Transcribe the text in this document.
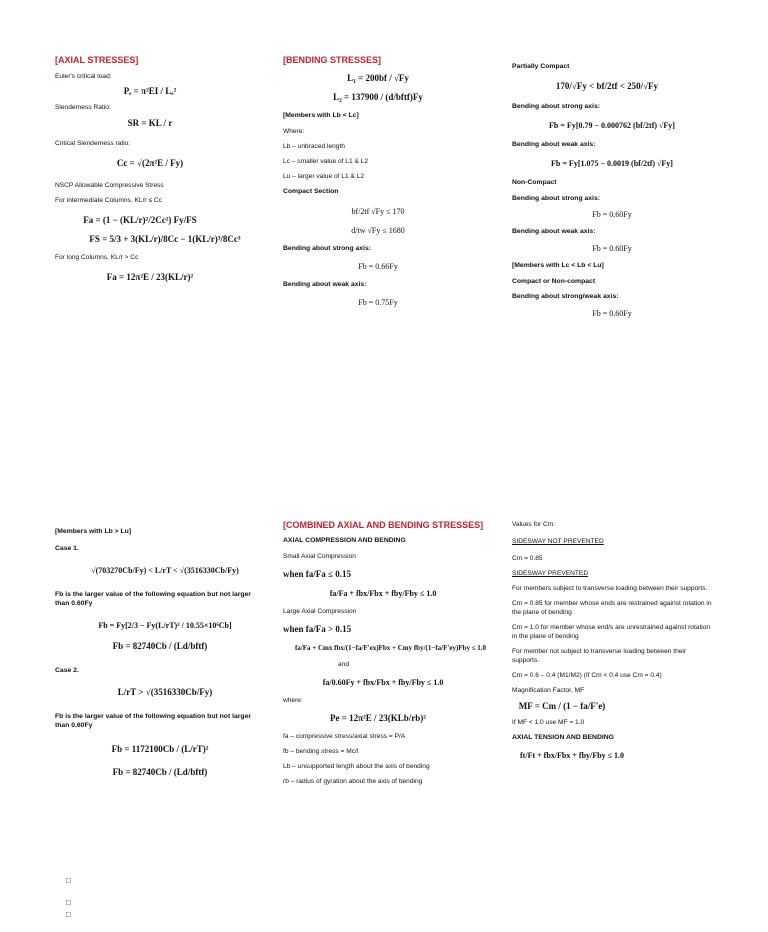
[AXIAL STRESSES]

Euler's critical load:

Pₑ = π²EI / Lₑ²

Slenderness Ratio:

SR = KL / r

Critical Slenderness ratio:

Cc = √(2π²E / Fy)

NSCP Allowable Compressive Stress

For intermediate Columns, KL/r ≤ Cc

Fa = (1 − (KL/r)²/2Cc²) Fy/FS
FS = 5/3 + 3(KL/r)/8Cc − 1(KL/r)³/8Cc³

For long Columns, KL/r > Cc

Fa = 12π²E / 23(KL/r)²
[BENDING STRESSES]
L₁ = 200bf / √Fy
L₂ = 137900 / (d/bftf)Fy

[Members with Lb < Lc]

Where:

Lb – unbraced length

Lc – smaller value of L1 & L2

Lu – larger value of L1 & L2

Compact Section

bf/2tf √Fy ≤ 170
d/tw √Fy ≤ 1680

Bending about strong axis:

Fb = 0.66Fy

Bending about weak axis:

Fb = 0.75Fy

Partially Compact

170/√Fy < bf/2tf < 250/√Fy

Bending about strong axis:

Fb = Fy[0.79 − 0.000762 (bf/2tf) √Fy]

Bending about weak axis:

Fb = Fy[1.075 − 0.0019 (bf/2tf) √Fy]

Non-Compact

Bending about strong axis:

Fb = 0.60Fy

Bending about weak axis:

Fb = 0.60Fy

[Members with Lc < Lb < Lu]

Compact or Non-compact

Bending about strong/weak axis:

Fb = 0.60Fy

[Members with Lb > Lu]

Case 1.

√(703270Cb/Fy) < L/rT < √(3516330Cb/Fy)

Fb is the larger value of the following equation but not larger than 0.60Fy

Fb = Fy[2/3 − Fy(L/rT)² / 10.55×10⁶Cb]
Fb = 82740Cb / (Ld/bftf)

Case 2.

L/rT > √(3516330Cb/Fy)

Fb is the larger value of the following equation but not larger than 0.60Fy

Fb = 1172100Cb / (L/rT)²
Fb = 82740Cb / (Ld/bftf)
□
□
□
[COMBINED AXIAL AND BENDING STRESSES]

AXIAL COMPRESSION AND BENDING

Small Axial Compression

when fa/Fa ≤ 0.15
fa/Fa + fbx/Fbx + fby/Fby ≤ 1.0

Large Axial Compression

when fa/Fa > 0.15
fa/Fa + Cmx fbx/(1−fa/F'ex)Fbx + Cmy fby/(1−fa/F'ey)Fby ≤ 1.0

and

fa/0.60Fy + fbx/Fbx + fby/Fby ≤ 1.0

where:

Pe = 12π²E / 23(KLb/rb)²

fa – compressive stress/axial stress = P/A

fb – bending stress = Mc/I

Lb – unsupported length about the axis of bending

rb – radius of gyration about the axis of bending

Values for Cm:

SIDESWAY NOT PREVENTED

Cm = 0.85

SIDESWAY PREVENTED

For members subject to transverse loading between their supports.

Cm = 0.85 for member whose ends are restrained against rotation in the plane of bending

Cm = 1.0 for member whose end/s are unrestrained against rotation in the plane of bending

For member not subject to transverse loading between their supports.

Cm = 0.6 – 0.4 (M1/M2) (If Cm < 0.4 use Cm = 0.4)

Magnification Factor, MF

MF = Cm / (1 − fa/F'e)

If MF < 1.0 use MF = 1.0

AXIAL TENSION AND BENDING

ft/Ft + fbx/Fbx + fby/Fby ≤ 1.0
